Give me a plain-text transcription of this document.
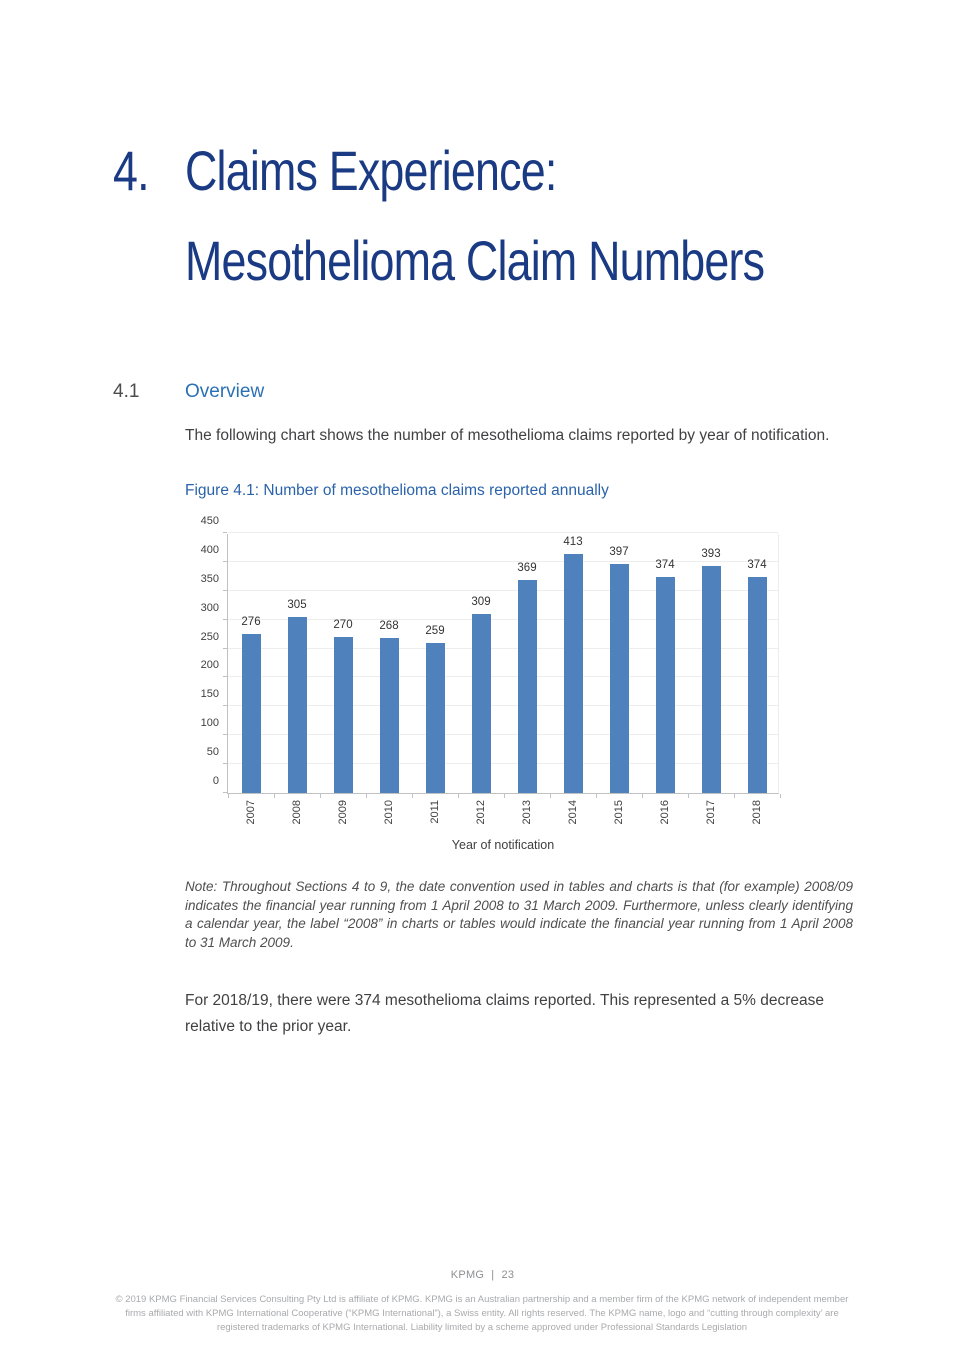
4. Claims Experience: Mesothelioma Claim Numbers
4.1 Overview

The following chart shows the number of mesothelioma claims reported by year of notification.

Figure 4.1: Number of mesothelioma claims reported annually

0
50
100
150
200
250
300
350
400
450
276
2007
305
2008
270
2009
268
2010
259
2011
309
2012
369
2013
413
2014
397
2015
374
2016
393
2017
374
2018
Year of notification

Note: Throughout Sections 4 to 9, the date convention used in tables and charts is that (for example) 2008/09 indicates the financial year running from 1 April 2008 to 31 March 2009. Furthermore, unless clearly identifying a calendar year, the label “2008” in charts or tables would indicate the financial year running from 1 April 2008 to 31 March 2009.

For 2018/19, there were 374 mesothelioma claims reported. This represented a 5% decrease relative to the prior year.

KPMG | 23

© 2019 KPMG Financial Services Consulting Pty Ltd is affiliate of KPMG. KPMG is an Australian partnership and a member firm of the KPMG network of independent member firms affiliated with KPMG International Cooperative (“KPMG International”), a Swiss entity. All rights reserved. The KPMG name, logo and “cutting through complexity’ are registered trademarks of KPMG International. Liability limited by a scheme approved under Professional Standards Legislation
